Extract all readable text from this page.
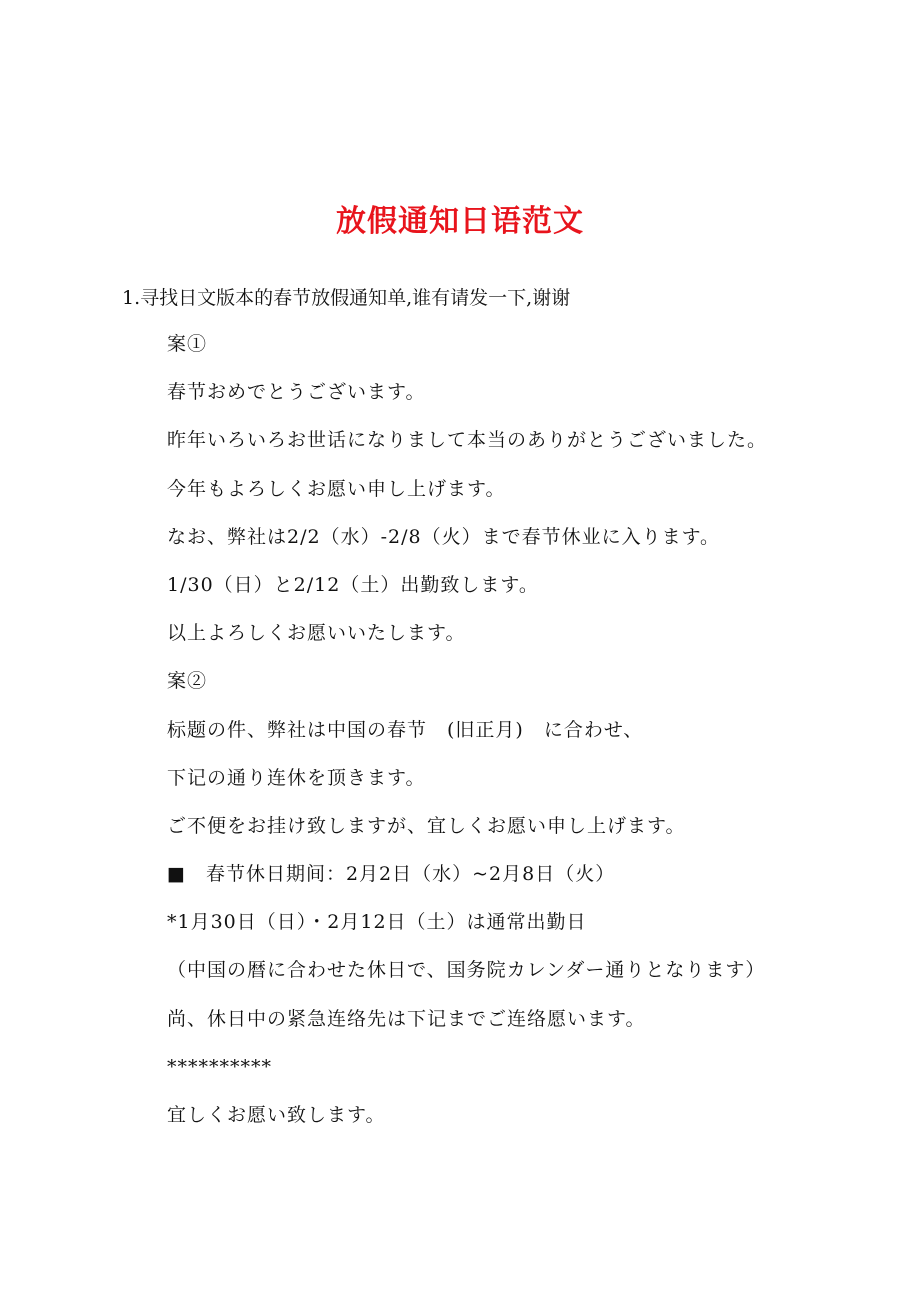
放假通知日语范文
1.寻找日文版本的春节放假通知单,谁有请发一下,谢谢
案①
春节おめでとうございます。
昨年いろいろお世话になりまして本当のありがとうございました。
今年もよろしくお愿い申し上げます。
なお、弊社は2/2（水）-2/8（火）まで春节休业に入ります。
1/30（日）と2/12（土）出勤致します。
以上よろしくお愿いいたします。
案②
标题の件、弊社は中国の春节　(旧正月)　に合わせ、
下记の通り连休を顶きます。
ご不便をお挂け致しますが、宜しくお愿い申し上げます。
■　春节休日期间：2月2日（水）~2月8日（火）
*1月30日（日）・2月12日（土）は通常出勤日
（中国の暦に合わせた休日で、国务院カレンダー通りとなります）
尚、休日中の紧急连络先は下记までご连络愿います。
**********
宜しくお愿い致します。
